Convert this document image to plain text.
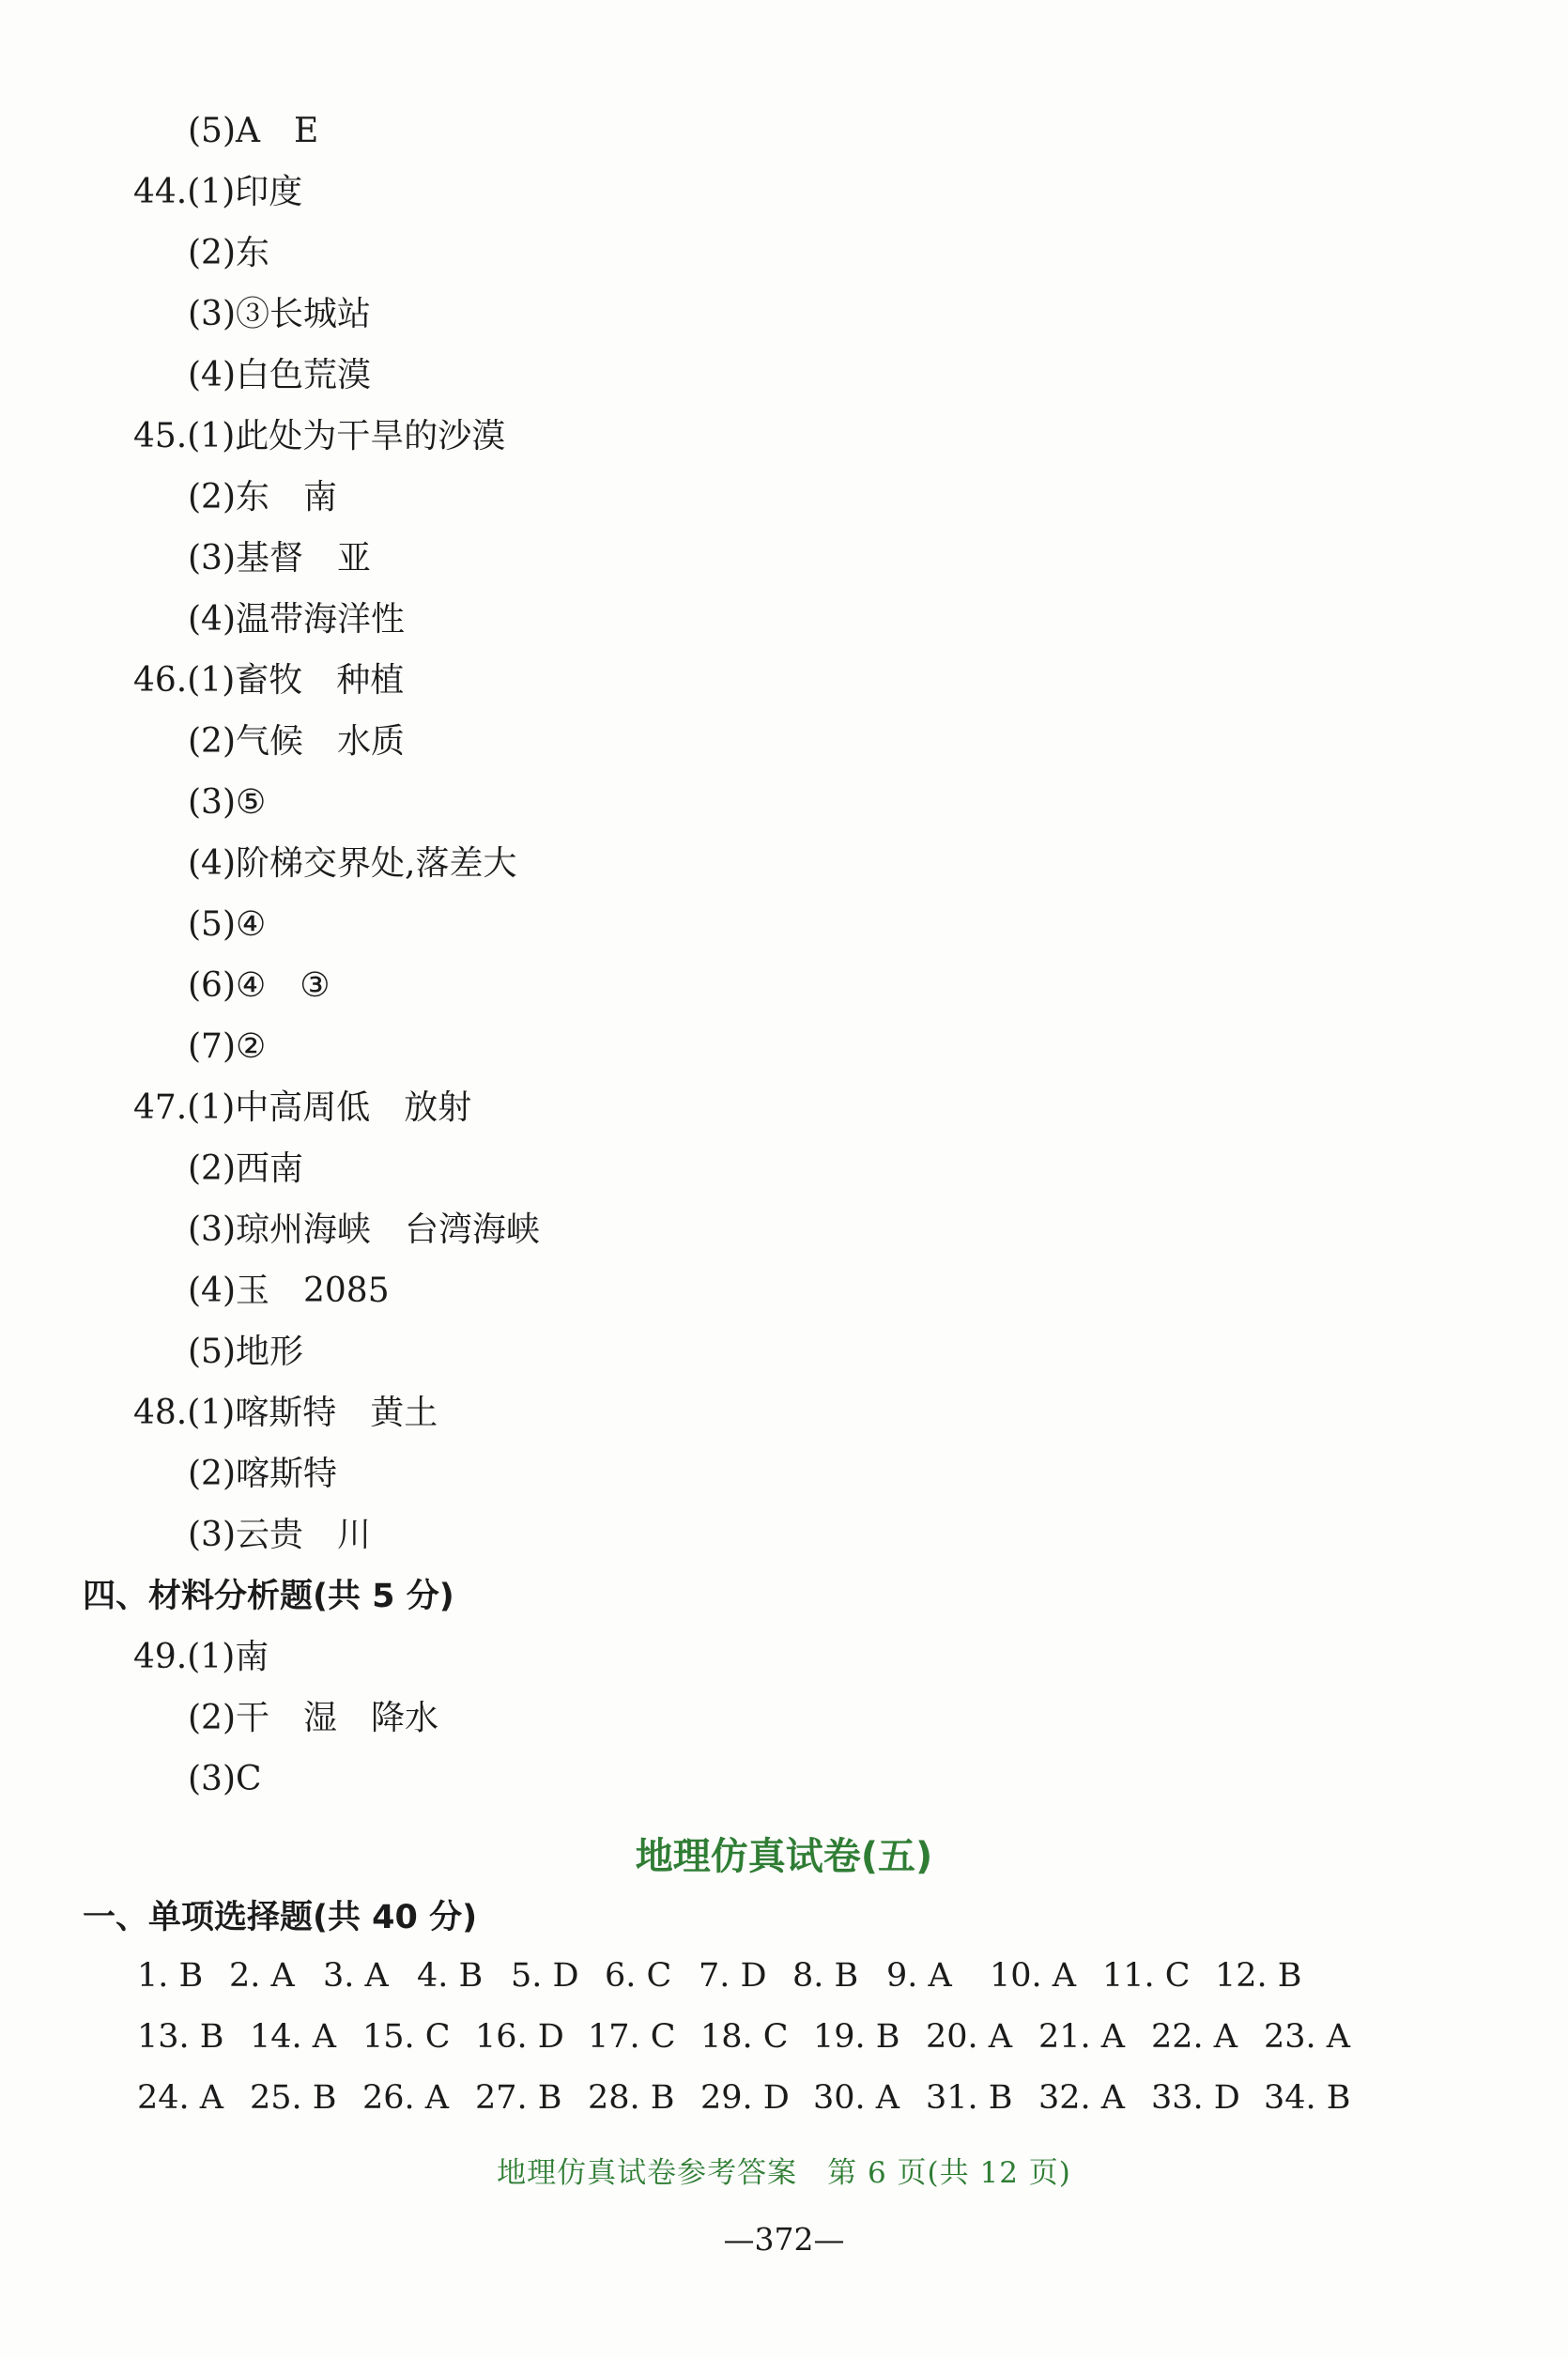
(5)A　E
44.(1)印度
(2)东
(3)③长城站
(4)白色荒漠
45.(1)此处为干旱的沙漠
(2)东　南
(3)基督　亚
(4)温带海洋性
46.(1)畜牧　种植
(2)气候　水质
(3)⑤
(4)阶梯交界处,落差大
(5)④
(6)④　③
(7)②
47.(1)中高周低　放射
(2)西南
(3)琼州海峡　台湾海峡
(4)玉　2085
(5)地形
48.(1)喀斯特　黄土
(2)喀斯特
(3)云贵　川
四、材料分析题(共 5 分)
49.(1)南
(2)干　湿　降水
(3)C
地理仿真试卷(五)
一、单项选择题(共 40 分)
1. B 2. A 3. A 4. B 5. D 6. C 7. D 8. B 9. A 10. A 11. C 12. B
13. B 14. A 15. C 16. D 17. C 18. C 19. B 20. A 21. A 22. A 23. A
24. A 25. B 26. A 27. B 28. B 29. D 30. A 31. B 32. A 33. D 34. B
地理仿真试卷参考答案　第 6 页(共 12 页)
—372—
